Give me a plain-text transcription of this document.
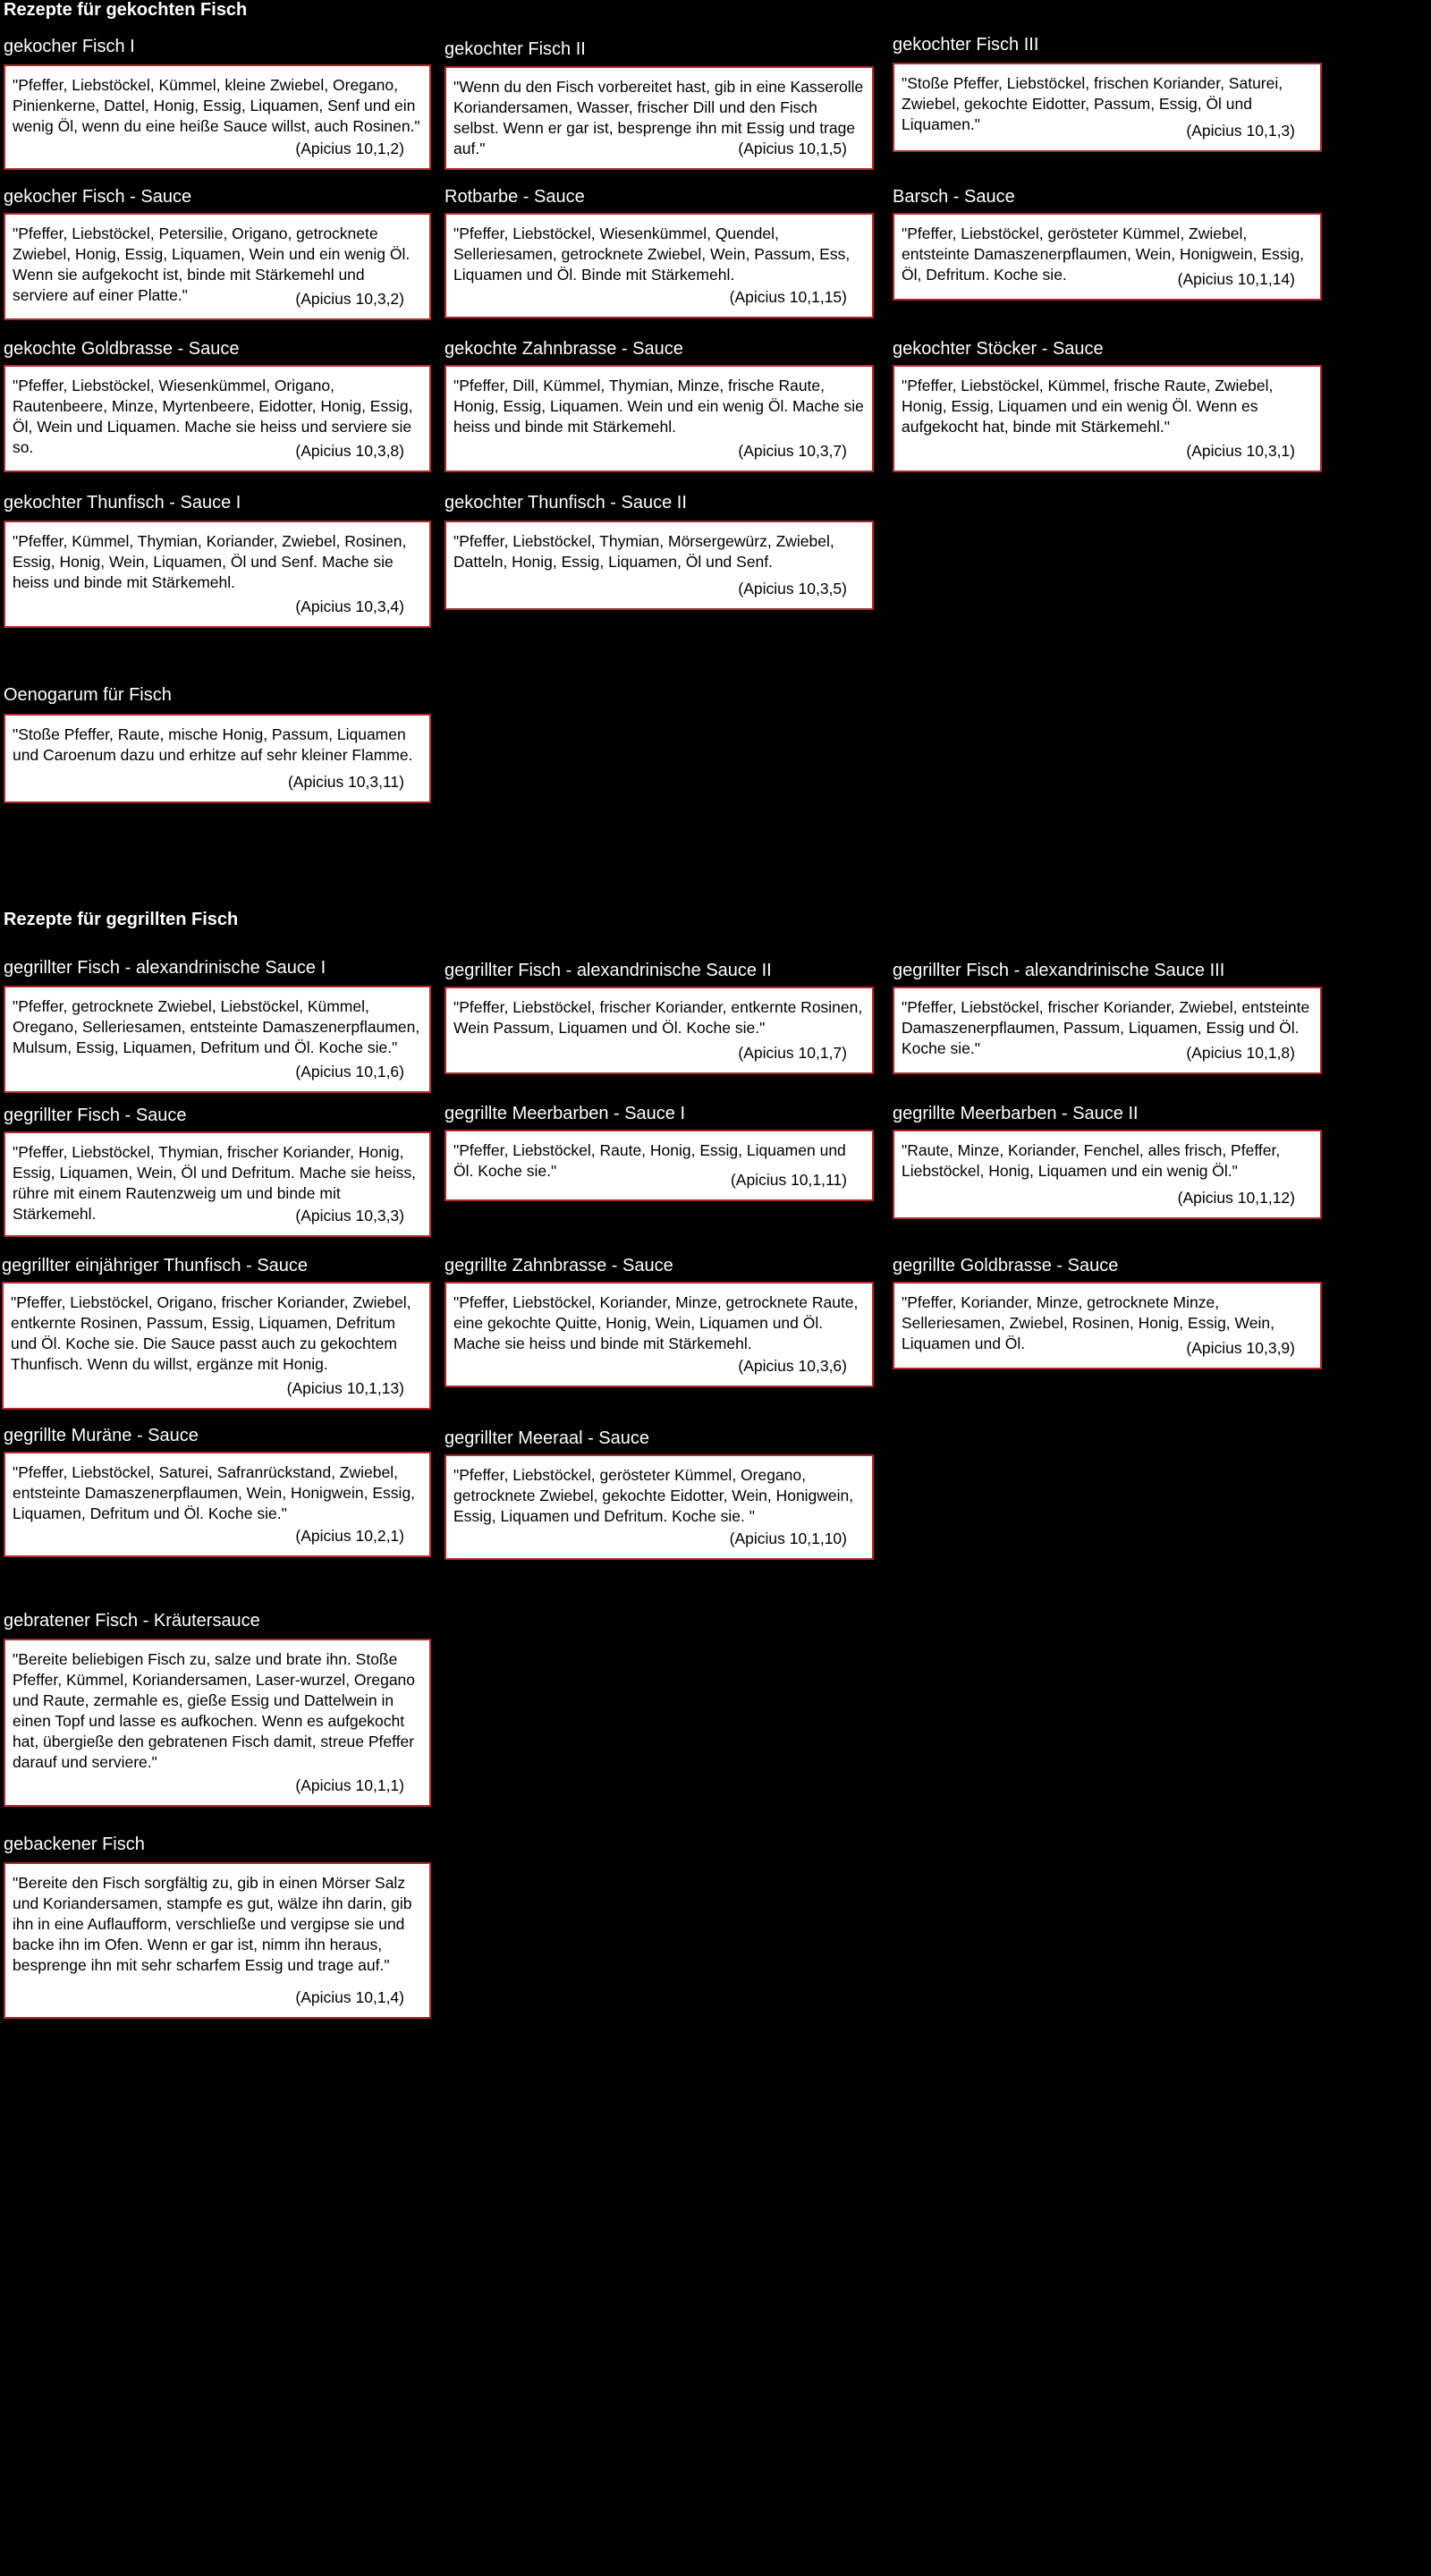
Rezepte für gekochten Fisch
Rezepte für gegrillten Fisch
gekocher Fisch I
"Pfeffer, Liebstöckel, Kümmel, kleine Zwiebel, Oregano, Pinienkerne, Dattel, Honig, Essig, Liquamen, Senf und ein wenig Öl, wenn du eine heiße Sauce willst, auch Rosinen."
(Apicius 10,1,2)
gekochter Fisch II
"Wenn du den Fisch vorbereitet hast, gib in eine Kasserolle Koriandersamen, Wasser, frischer Dill und den Fisch selbst. Wenn er gar ist, besprenge ihn mit Essig und trage auf."	(Apicius 10,1,5)
gekochter Fisch III
"Stoße Pfeffer, Liebstöckel, frischen Koriander, Saturei, Zwiebel, gekochte Eidotter, Passum, Essig, Öl und Liquamen."	(Apicius 10,1,3)
gekocher Fisch - Sauce
"Pfeffer, Liebstöckel, Petersilie, Origano, getrocknete Zwiebel, Honig, Essig, Liquamen, Wein und ein wenig Öl. Wenn sie aufgekocht ist, binde mit Stärkemehl und serviere auf einer Platte."	(Apicius 10,3,2)
Rotbarbe - Sauce
"Pfeffer, Liebstöckel, Wiesenkümmel, Quendel, Selleriesamen, getrocknete Zwiebel, Wein, Passum, Ess, Liquamen und Öl. Binde mit Stärkemehl.
(Apicius 10,1,15)
Barsch - Sauce
"Pfeffer, Liebstöckel, gerösteter Kümmel, Zwiebel, entsteinte Damaszenerpflaumen, Wein, Honigwein, Essig, Öl, Defritum. Koche sie.	(Apicius 10,1,14)
gekochte Goldbrasse - Sauce
"Pfeffer, Liebstöckel, Wiesenkümmel, Origano, Rautenbeere, Minze, Myrtenbeere, Eidotter, Honig, Essig, Öl, Wein und Liquamen. Mache sie heiss und serviere sie so.	(Apicius 10,3,8)
gekochte Zahnbrasse - Sauce
"Pfeffer, Dill, Kümmel, Thymian, Minze, frische Raute, Honig, Essig, Liquamen. Wein und ein wenig Öl. Mache sie heiss und binde mit Stärkemehl.
(Apicius 10,3,7)
gekochter Stöcker - Sauce
"Pfeffer, Liebstöckel, Kümmel, frische Raute, Zwiebel, Honig, Essig, Liquamen und ein wenig Öl. Wenn es aufgekocht hat, binde mit Stärkemehl."
(Apicius 10,3,1)
gekochter Thunfisch - Sauce I
"Pfeffer, Kümmel, Thymian, Koriander, Zwiebel, Rosinen, Essig, Honig, Wein, Liquamen, Öl und Senf. Mache sie heiss und binde mit Stärkemehl.
(Apicius 10,3,4)
gekochter Thunfisch - Sauce II
"Pfeffer, Liebstöckel, Thymian, Mörsergewürz, Zwiebel, Datteln, Honig, Essig, Liquamen, Öl und Senf.
(Apicius 10,3,5)
Oenogarum für Fisch
"Stoße Pfeffer, Raute, mische Honig, Passum, Liquamen und Caroenum dazu und erhitze auf sehr kleiner Flamme.
(Apicius 10,3,11)
gegrillter Fisch - alexandrinische Sauce I
"Pfeffer, getrocknete Zwiebel, Liebstöckel, Kümmel, Oregano, Selleriesamen, entsteinte Damaszenerpflaumen, Mulsum, Essig, Liquamen, Defritum und Öl. Koche sie."
(Apicius 10,1,6)
gegrillter Fisch - alexandrinische Sauce II
"Pfeffer, Liebstöckel, frischer Koriander, entkernte Rosinen, Wein Passum, Liquamen und Öl. Koche sie."
(Apicius 10,1,7)
gegrillter Fisch - alexandrinische Sauce III
"Pfeffer, Liebstöckel, frischer Koriander, Zwiebel, entsteinte Damaszenerpflaumen, Passum, Liquamen, Essig und Öl. Koche sie."	(Apicius 10,1,8)
gegrillter Fisch - Sauce
"Pfeffer, Liebstöckel, Thymian, frischer Koriander, Honig, Essig, Liquamen, Wein, Öl und Defritum. Mache sie heiss, rühre mit einem Rautenzweig um und binde mit Stärkemehl.	(Apicius 10,3,3)
gegrillte Meerbarben - Sauce I
"Pfeffer, Liebstöckel, Raute, Honig, Essig, Liquamen und Öl. Koche sie."	(Apicius 10,1,11)
gegrillte Meerbarben - Sauce II
"Raute, Minze, Koriander, Fenchel, alles frisch, Pfeffer, Liebstöckel, Honig, Liquamen und ein wenig Öl."
(Apicius 10,1,12)
gegrillter einjähriger Thunfisch - Sauce
"Pfeffer, Liebstöckel, Origano, frischer Koriander, Zwiebel, entkernte Rosinen, Passum, Essig, Liquamen, Defritum und Öl. Koche sie. Die Sauce passt auch zu gekochtem Thunfisch. Wenn du willst, ergänze mit Honig.
(Apicius 10,1,13)
gegrillte Zahnbrasse - Sauce
"Pfeffer, Liebstöckel, Koriander, Minze, getrocknete Raute, eine gekochte Quitte, Honig, Wein, Liquamen und Öl. Mache sie heiss und binde mit Stärkemehl.
(Apicius 10,3,6)
gegrillte Goldbrasse - Sauce
"Pfeffer, Koriander, Minze, getrocknete Minze, Selleriesamen, Zwiebel, Rosinen, Honig, Essig, Wein, Liquamen und Öl.	(Apicius 10,3,9)
gegrillte Muräne - Sauce
"Pfeffer, Liebstöckel, Saturei, Safranrückstand, Zwiebel, entsteinte Damaszenerpflaumen, Wein, Honigwein, Essig, Liquamen, Defritum und Öl. Koche sie."
(Apicius 10,2,1)
gegrillter Meeraal - Sauce
"Pfeffer, Liebstöckel, gerösteter Kümmel, Oregano, getrocknete Zwiebel, gekochte Eidotter, Wein, Honigwein, Essig, Liquamen und Defritum. Koche sie. "
(Apicius 10,1,10)
gebratener Fisch - Kräutersauce
"Bereite beliebigen Fisch zu, salze und brate ihn. Stoße Pfeffer, Kümmel, Koriandersamen, Laser-wurzel, Oregano und Raute, zermahle es, gieße Essig und Dattelwein in einen Topf und lasse es aufkochen. Wenn es aufgekocht hat, übergieße den gebratenen Fisch damit, streue Pfeffer darauf und serviere."
(Apicius 10,1,1)
gebackener Fisch
"Bereite den Fisch sorgfältig zu, gib in einen Mörser Salz und Koriandersamen, stampfe es gut, wälze ihn darin, gib ihn in eine Auflaufform, verschließe und vergipse sie und backe ihn im Ofen. Wenn er gar ist, nimm ihn heraus, besprenge ihn mit sehr scharfem Essig und trage auf."
(Apicius 10,1,4)
